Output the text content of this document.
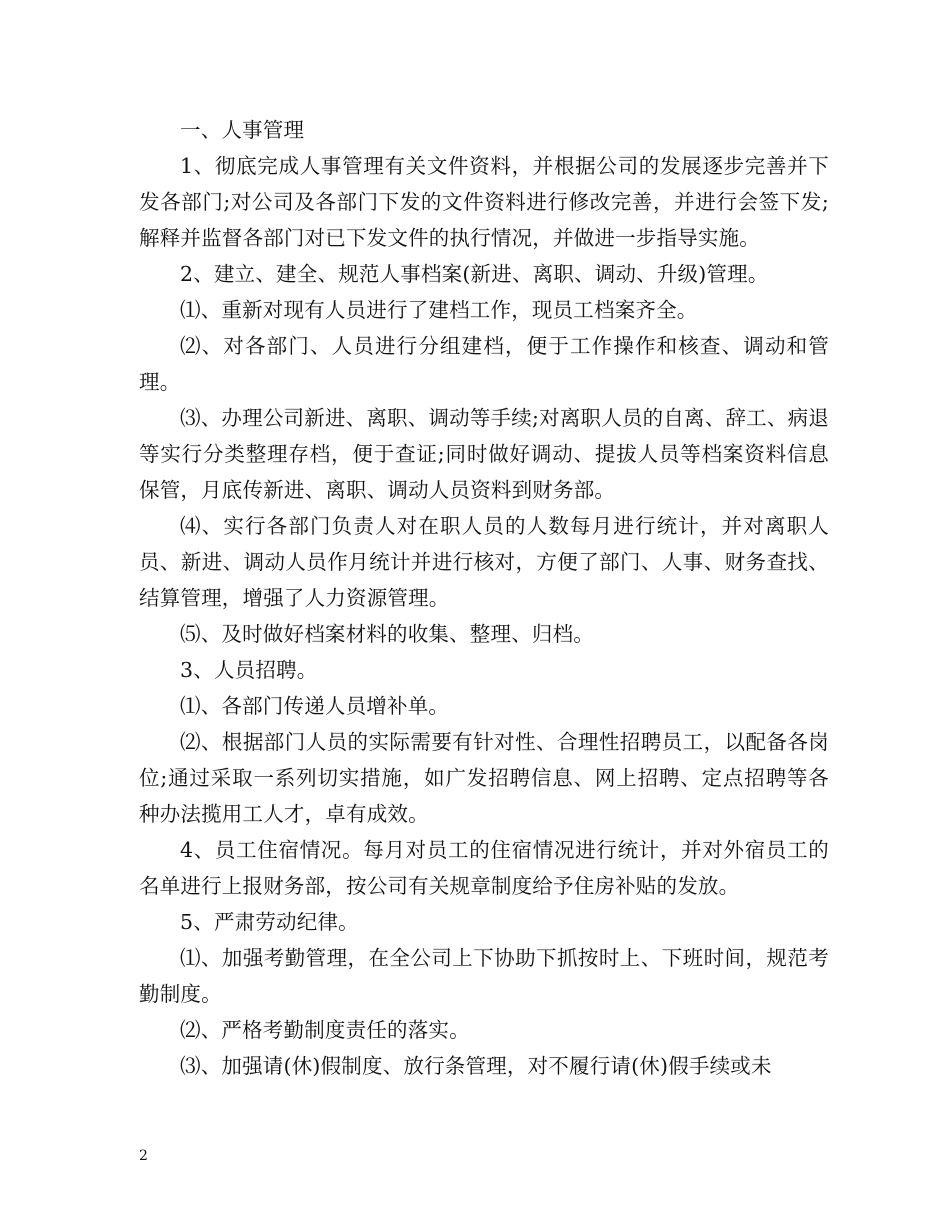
一、人事管理

1、彻底完成人事管理有关文件资料，并根据公司的发展逐步完善并下发各部门;对公司及各部门下发的文件资料进行修改完善，并进行会签下发;解释并监督各部门对已下发文件的执行情况，并做进一步指导实施。

2、建立、建全、规范人事档案(新进、离职、调动、升级)管理。

⑴、重新对现有人员进行了建档工作，现员工档案齐全。

⑵、对各部门、人员进行分组建档，便于工作操作和核查、调动和管理。

⑶、办理公司新进、离职、调动等手续;对离职人员的自离、辞工、病退等实行分类整理存档，便于查证;同时做好调动、提拔人员等档案资料信息保管，月底传新进、离职、调动人员资料到财务部。

⑷、实行各部门负责人对在职人员的人数每月进行统计，并对离职人员、新进、调动人员作月统计并进行核对，方便了部门、人事、财务查找、结算管理，增强了人力资源管理。

⑸、及时做好档案材料的收集、整理、归档。

3、人员招聘。

⑴、各部门传递人员增补单。

⑵、根据部门人员的实际需要有针对性、合理性招聘员工，以配备各岗位;通过采取一系列切实措施，如广发招聘信息、网上招聘、定点招聘等各种办法揽用工人才，卓有成效。

4、员工住宿情况。每月对员工的住宿情况进行统计，并对外宿员工的名单进行上报财务部，按公司有关规章制度给予住房补贴的发放。

5、严肃劳动纪律。

⑴、加强考勤管理，在全公司上下协助下抓按时上、下班时间，规范考勤制度。

⑵、严格考勤制度责任的落实。

⑶、加强请(休)假制度、放行条管理，对不履行请(休)假手续或未

2
